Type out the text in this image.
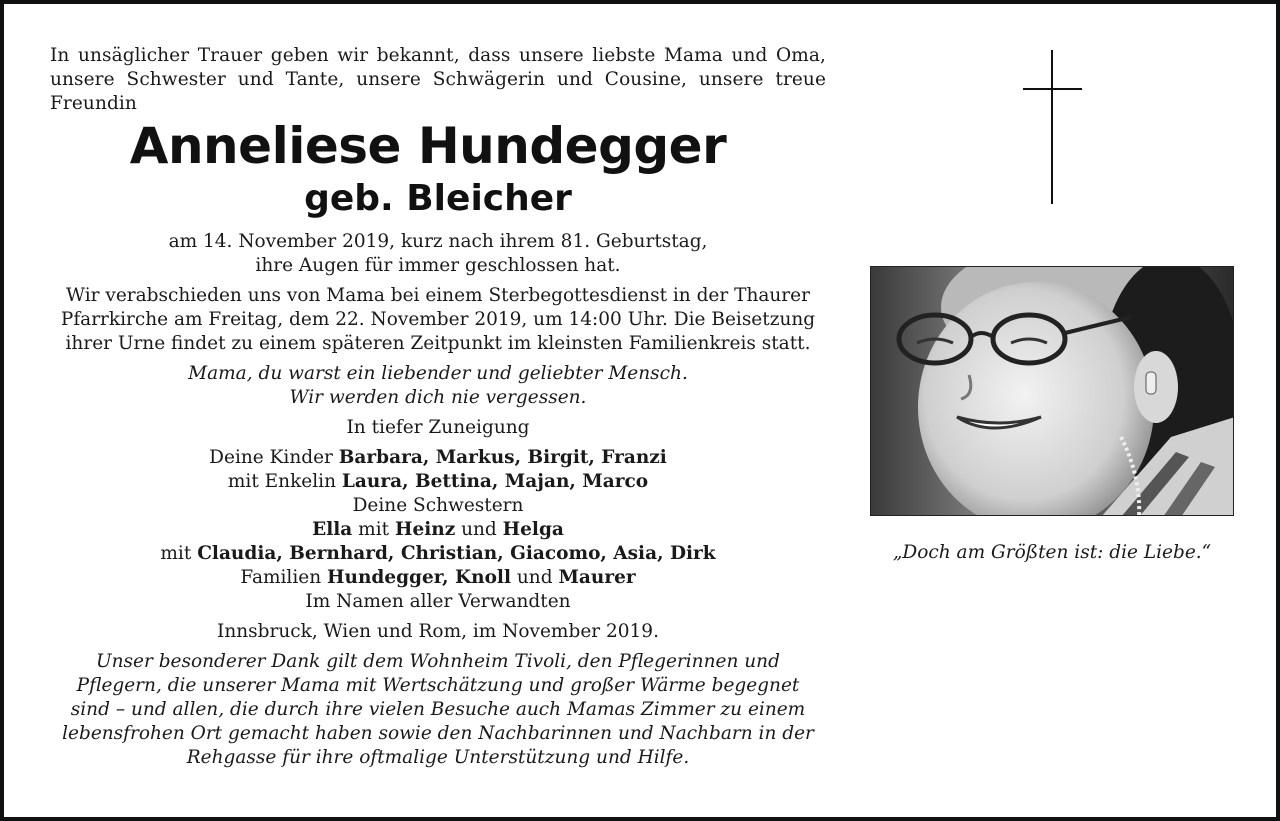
In unsäglicher Trauer geben wir bekannt, dass unsere liebste Mama und Oma, unsere Schwester und Tante, unsere Schwägerin und Cousine, unsere treue Freundin

Anneliese Hundegger
geb. Bleicher

am 14. November 2019, kurz nach ihrem 81. Geburtstag,

ihre Augen für immer geschlossen hat.

Wir verabschieden uns von Mama bei einem Sterbegottesdienst in der Thaurer

Pfarrkirche am Freitag, dem 22. November 2019, um 14:00 Uhr. Die Beisetzung

ihrer Urne findet zu einem späteren Zeitpunkt im kleinsten Familienkreis statt.

Mama, du warst ein liebender und geliebter Mensch.

Wir werden dich nie vergessen.

In tiefer Zuneigung

Deine Kinder Barbara, Markus, Birgit, Franzi

mit Enkelin Laura, Bettina, Majan, Marco

Deine Schwestern

Ella mit Heinz und Helga

mit Claudia, Bernhard, Christian, Giacomo, Asia, Dirk

Familien Hundegger, Knoll und Maurer

Im Namen aller Verwandten

Innsbruck, Wien und Rom, im November 2019.

Unser besonderer Dank gilt dem Wohnheim Tivoli, den Pflegerinnen und

Pflegern, die unserer Mama mit Wertschätzung und großer Wärme begegnet

sind – und allen, die durch ihre vielen Besuche auch Mamas Zimmer zu einem

lebensfrohen Ort gemacht haben sowie den Nachbarinnen und Nachbarn in der

Rehgasse für ihre oftmalige Unterstützung und Hilfe.

„Doch am Größten ist: die Liebe.“
